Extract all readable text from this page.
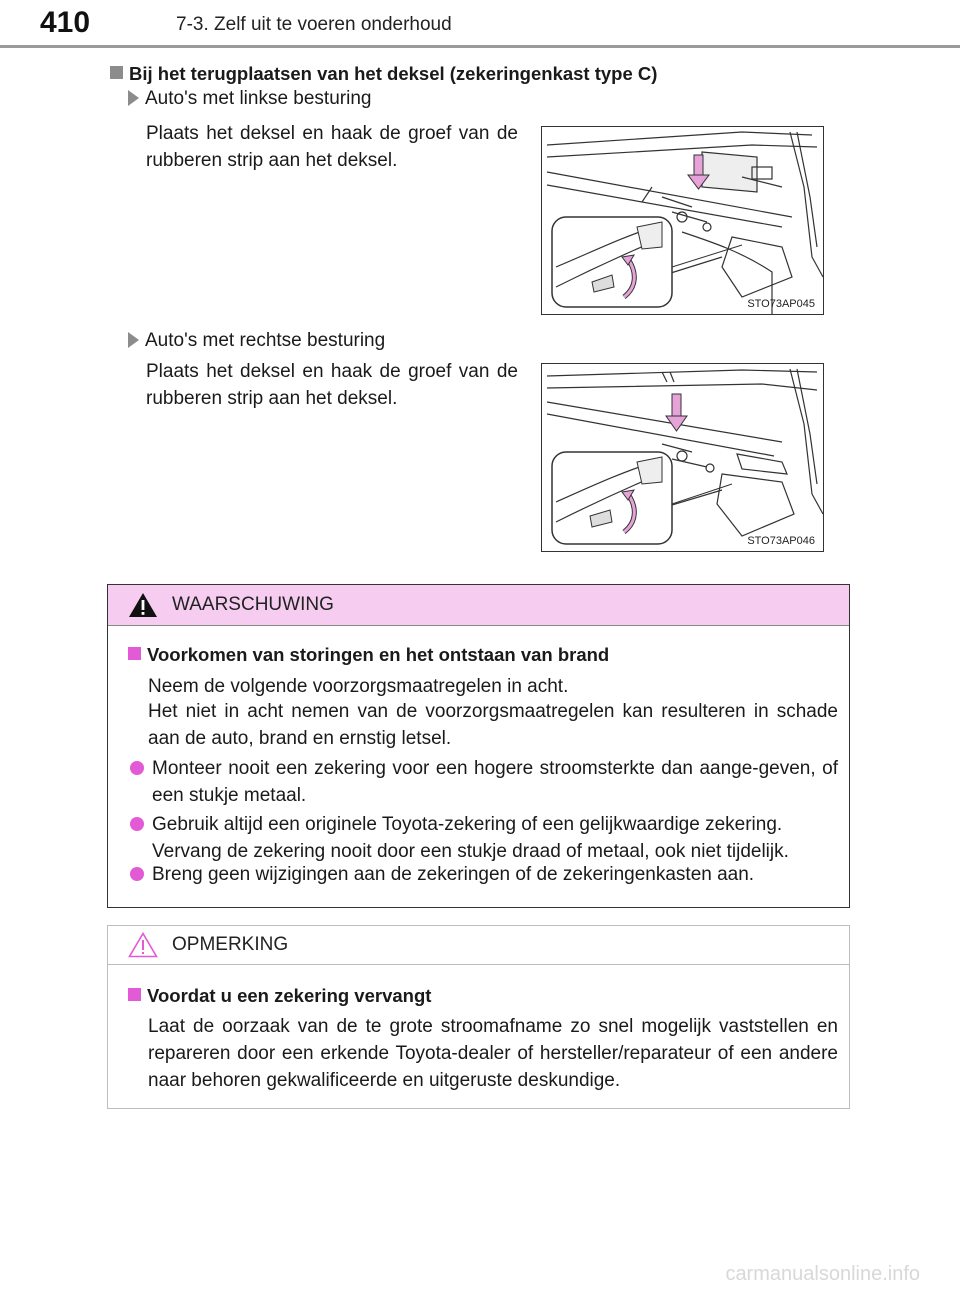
410	7-3. Zelf uit te voeren onderhoud
Bij het terugplaatsen van het deksel (zekeringenkast type C)
Auto's met linkse besturing
Plaats het deksel en haak de groef van de rubberen strip aan het deksel.
STO73AP045
Auto's met rechtse besturing
Plaats het deksel en haak de groef van de rubberen strip aan het deksel.
STO73AP046
WAARSCHUWING
Voorkomen van storingen en het ontstaan van brand
Neem de volgende voorzorgsmaatregelen in acht.
Het niet in acht nemen van de voorzorgsmaatregelen kan resulteren in schade aan de auto, brand en ernstig letsel.
Monteer nooit een zekering voor een hogere stroomsterkte dan aange-geven, of een stukje metaal.
Gebruik altijd een originele Toyota-zekering of een gelijkwaardige zekering. Vervang de zekering nooit door een stukje draad of metaal, ook niet tijdelijk.
Breng geen wijzigingen aan de zekeringen of de zekeringenkasten aan.
OPMERKING
Voordat u een zekering vervangt
Laat de oorzaak van de te grote stroomafname zo snel mogelijk vaststellen en repareren door een erkende Toyota-dealer of hersteller/reparateur of een andere naar behoren gekwalificeerde en uitgeruste deskundige.
carmanualsonline.info
